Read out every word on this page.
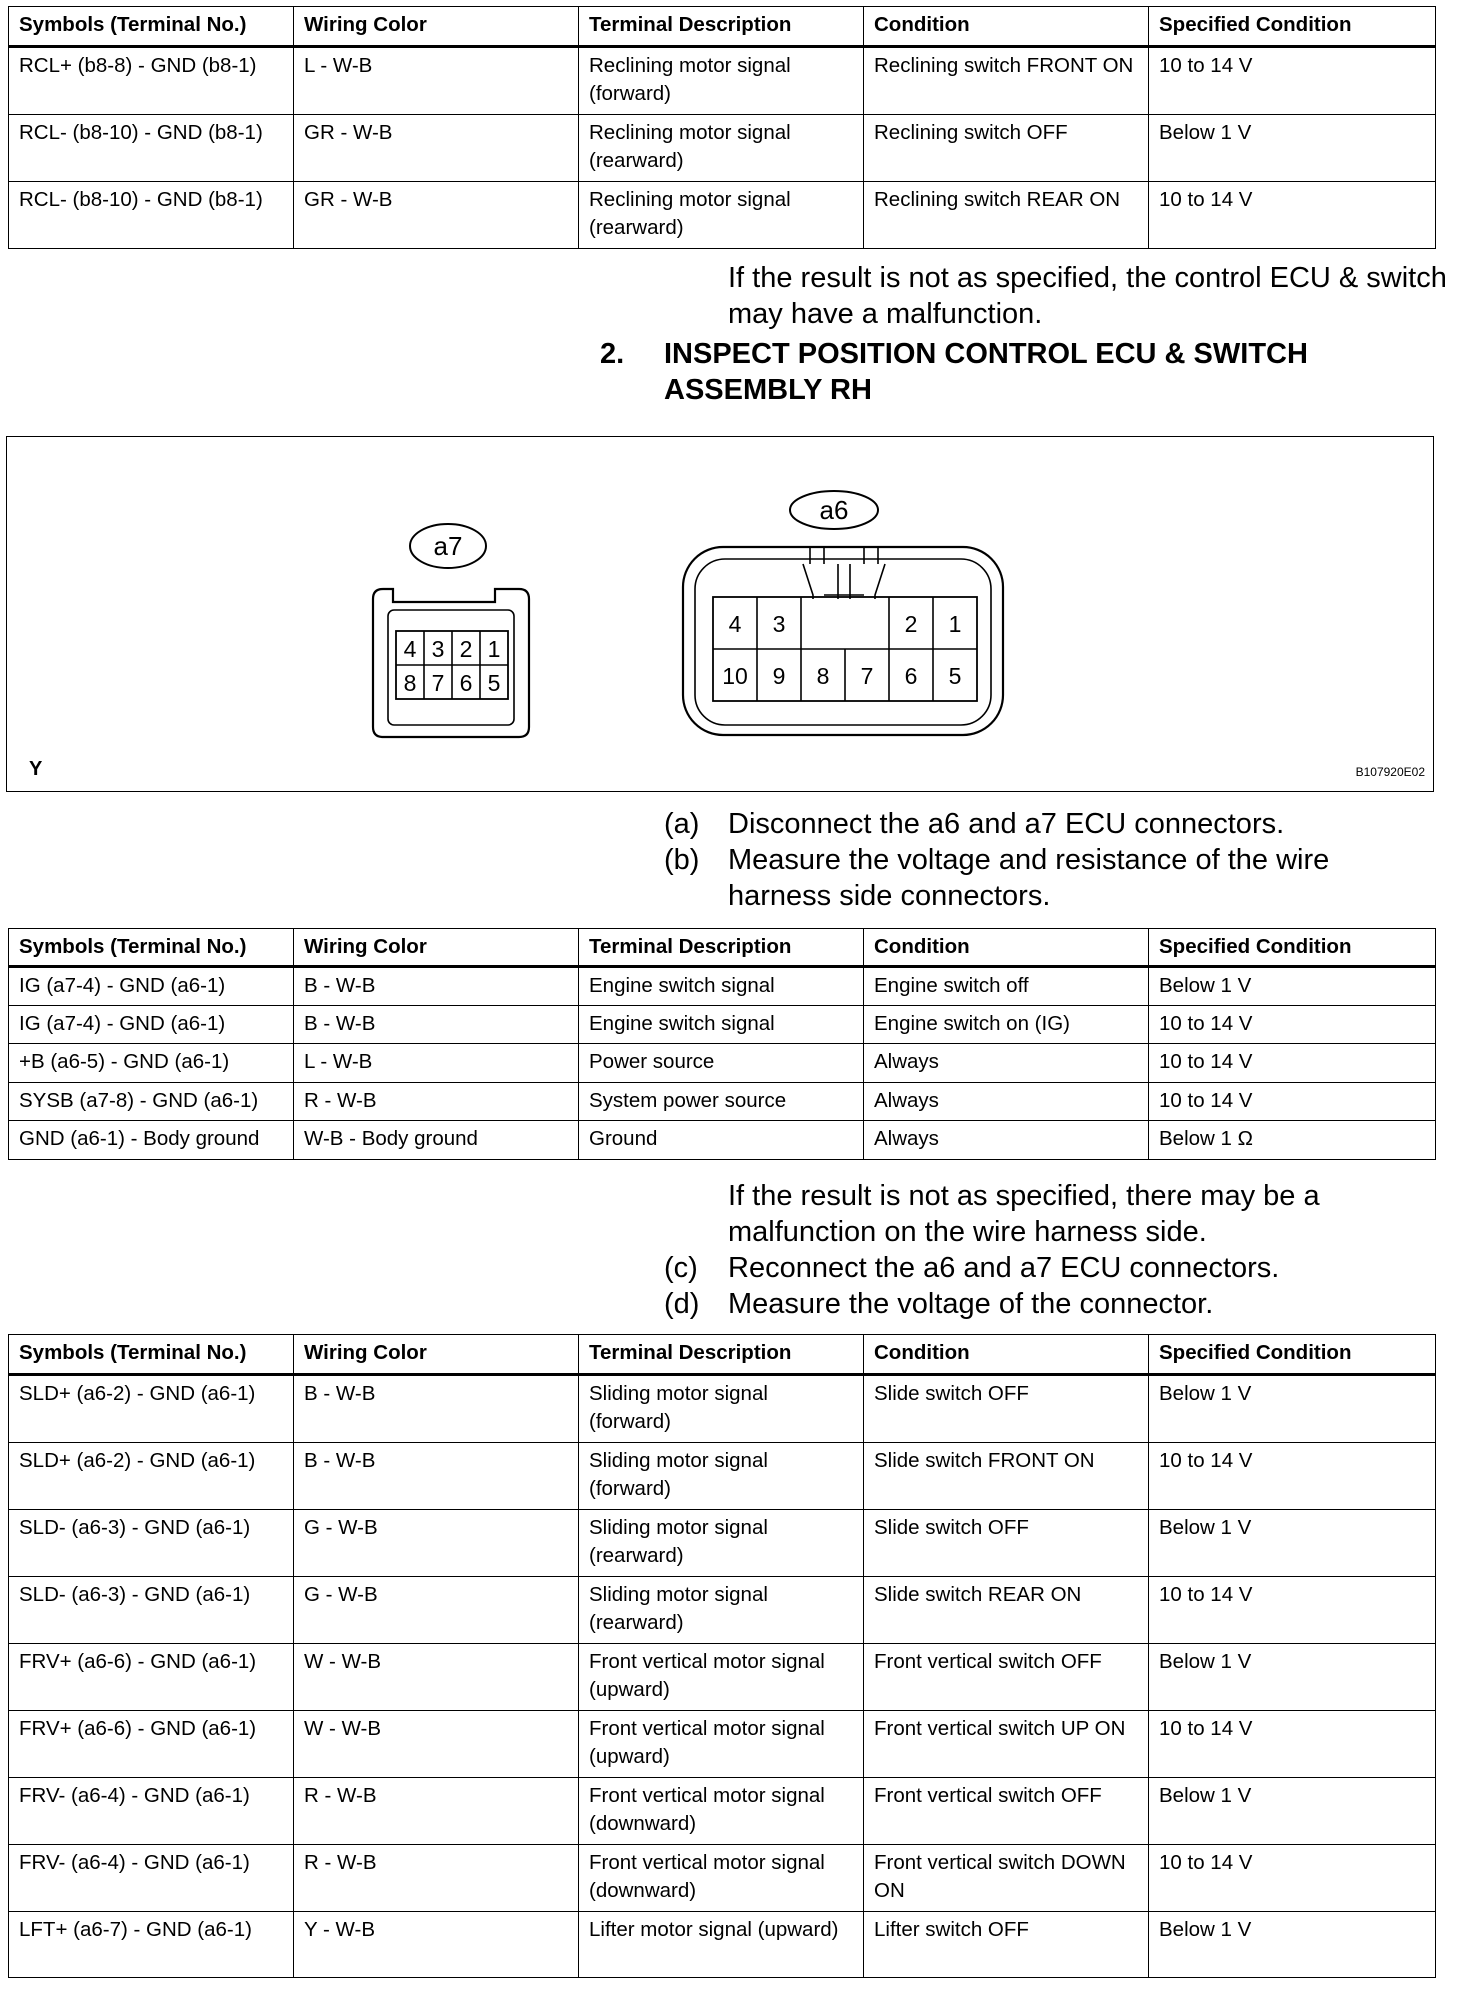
Symbols (Terminal No.)	Wiring Color	Terminal Description	Condition	Specified Condition
RCL+ (b8-8) - GND (b8-1)	L - W-B	Reclining motor signal (forward)	Reclining switch FRONT ON	10 to 14 V
RCL- (b8-10) - GND (b8-1)	GR - W-B	Reclining motor signal (rearward)	Reclining switch OFF	Below 1 V
RCL- (b8-10) - GND (b8-1)	GR - W-B	Reclining motor signal (rearward)	Reclining switch REAR ON	10 to 14 V
If the result is not as specified, the control ECU & switch may have a malfunction.
2. INSPECT POSITION CONTROL ECU & SWITCH ASSEMBLY RH
a7
4 3 2 1
8 7 6 5
a6
4 3	2 1
10 9 8 7 6 5
Y	B107920E02
(a) Disconnect the a6 and a7 ECU connectors.
(b) Measure the voltage and resistance of the wire harness side connectors.
Symbols (Terminal No.)	Wiring Color	Terminal Description	Condition	Specified Condition
IG (a7-4) - GND (a6-1)	B - W-B	Engine switch signal	Engine switch off	Below 1 V
IG (a7-4) - GND (a6-1)	B - W-B	Engine switch signal	Engine switch on (IG)	10 to 14 V
+B (a6-5) - GND (a6-1)	L - W-B	Power source	Always	10 to 14 V
SYSB (a7-8) - GND (a6-1)	R - W-B	System power source	Always	10 to 14 V
GND (a6-1) - Body ground	W-B - Body ground	Ground	Always	Below 1 Ω
If the result is not as specified, there may be a malfunction on the wire harness side.
(c) Reconnect the a6 and a7 ECU connectors.
(d) Measure the voltage of the connector.
Symbols (Terminal No.)	Wiring Color	Terminal Description	Condition	Specified Condition
SLD+ (a6-2) - GND (a6-1)	B - W-B	Sliding motor signal (forward)	Slide switch OFF	Below 1 V
SLD+ (a6-2) - GND (a6-1)	B - W-B	Sliding motor signal (forward)	Slide switch FRONT ON	10 to 14 V
SLD- (a6-3) - GND (a6-1)	G - W-B	Sliding motor signal (rearward)	Slide switch OFF	Below 1 V
SLD- (a6-3) - GND (a6-1)	G - W-B	Sliding motor signal (rearward)	Slide switch REAR ON	10 to 14 V
FRV+ (a6-6) - GND (a6-1)	W - W-B	Front vertical motor signal (upward)	Front vertical switch OFF	Below 1 V
FRV+ (a6-6) - GND (a6-1)	W - W-B	Front vertical motor signal (upward)	Front vertical switch UP ON	10 to 14 V
FRV- (a6-4) - GND (a6-1)	R - W-B	Front vertical motor signal (downward)	Front vertical switch OFF	Below 1 V
FRV- (a6-4) - GND (a6-1)	R - W-B	Front vertical motor signal (downward)	Front vertical switch DOWN ON	10 to 14 V
LFT+ (a6-7) - GND (a6-1)	Y - W-B	Lifter motor signal (upward)	Lifter switch OFF	Below 1 V
